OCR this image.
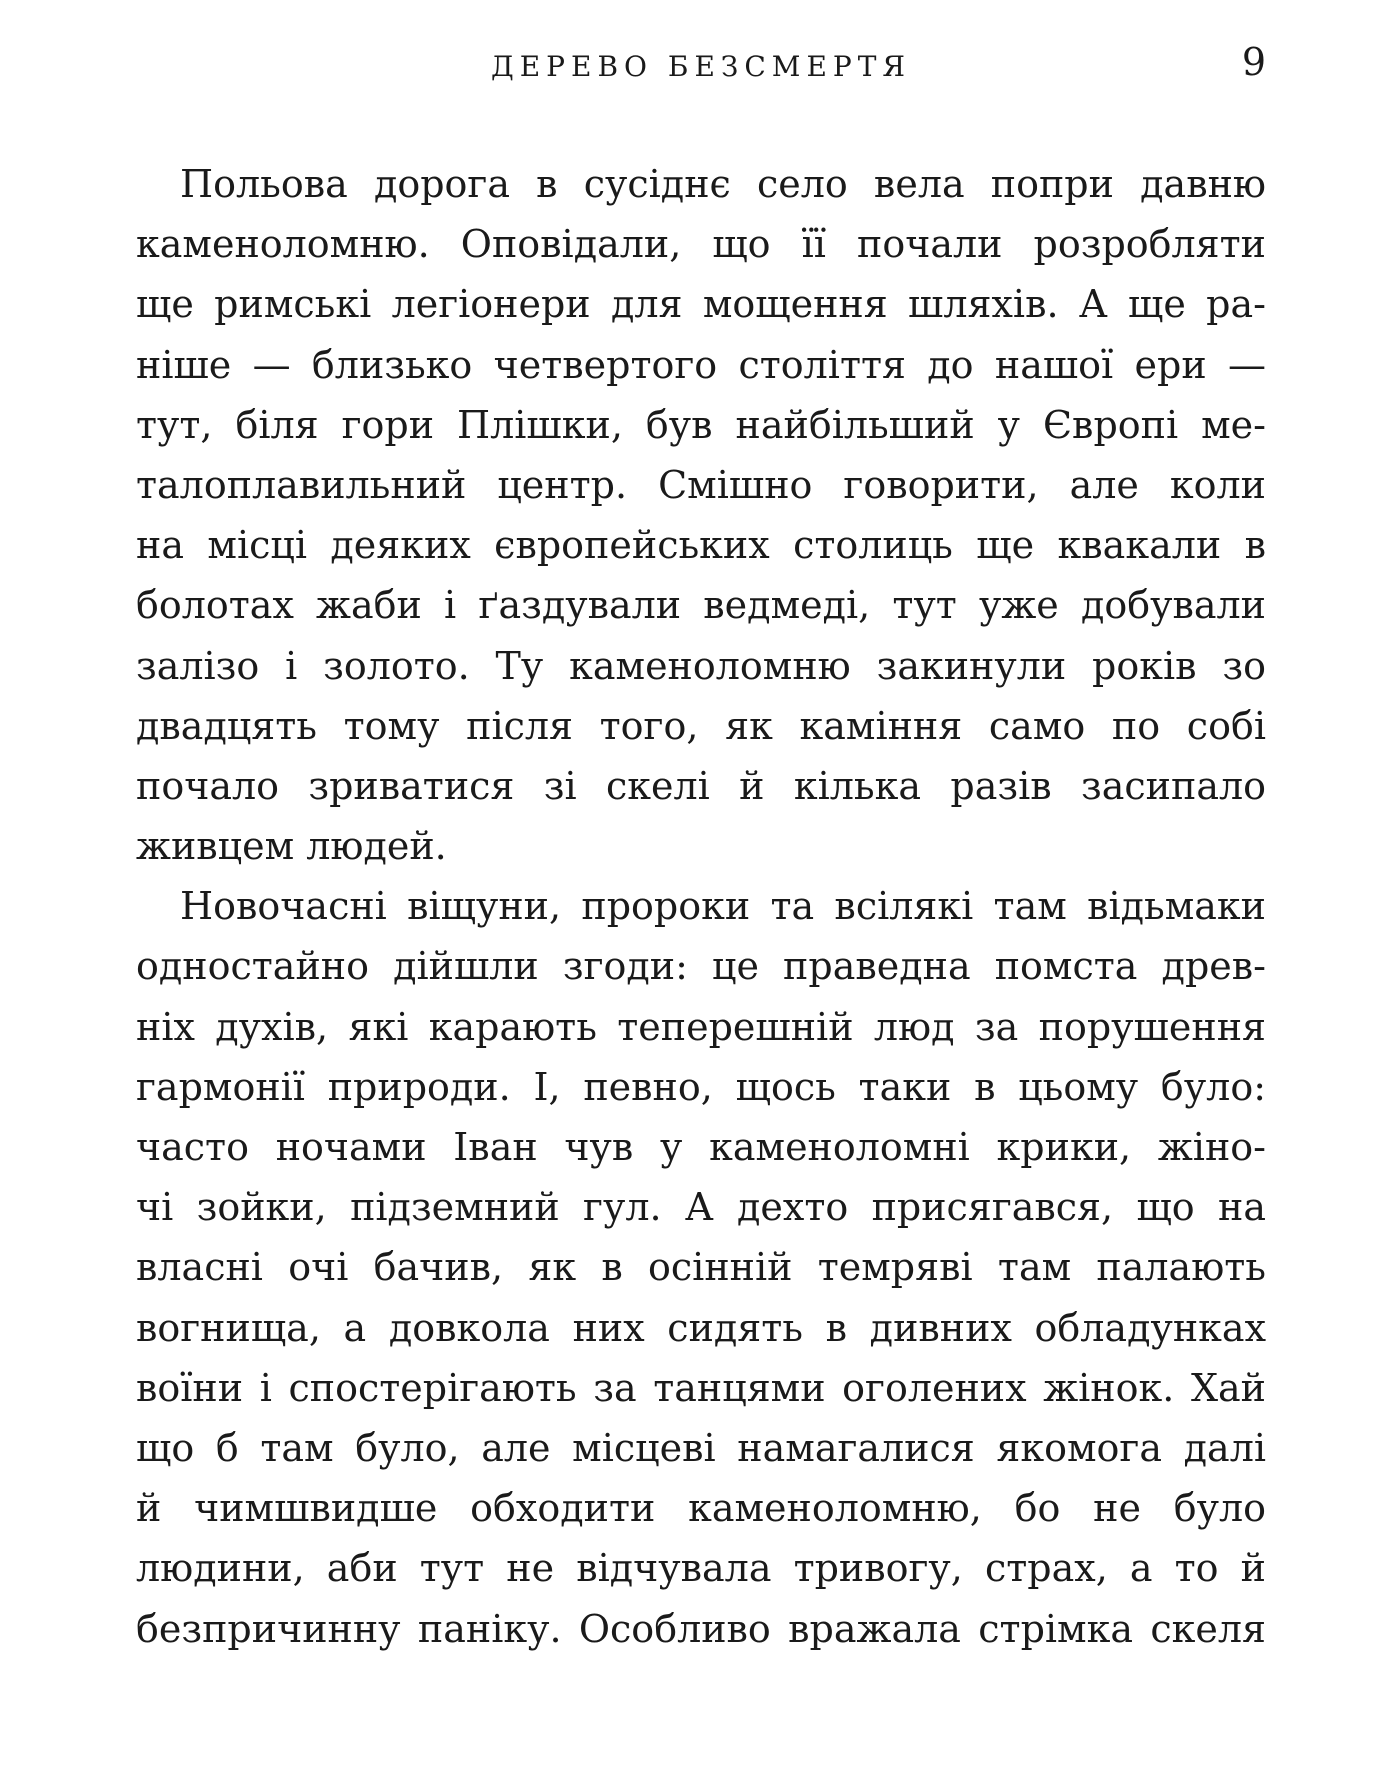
ДЕРЕВО БЕЗСМЕРТЯ	9
Польова дорога в сусіднє село вела попри давню
каменоломню. Оповідали, що її почали розробляти
ще римські легіонери для мощення шляхів. А ще ра-
ніше — близько четвертого століття до нашої ери —
тут, біля гори Плішки, був найбільший у Європі ме-
талоплавильний центр. Смішно говорити, але коли
на місці деяких європейських столиць ще квакали в
болотах жаби і ґаздували ведмеді, тут уже добували
залізо і золото. Ту каменоломню закинули років зо
двадцять тому після того, як каміння само по собі
почало зриватися зі скелі й кілька разів засипало
живцем людей.
Новочасні віщуни, пророки та всілякі там відьмаки
одностайно дійшли згоди: це праведна помста древ-
ніх духів, які карають теперешній люд за порушення
гармонії природи. І, певно, щось таки в цьому було:
часто ночами Іван чув у каменоломні крики, жіно-
чі зойки, підземний гул. А дехто присягався, що на
власні очі бачив, як в осінній темряві там палають
вогнища, а довкола них сидять в дивних обладунках
воїни і спостерігають за танцями оголених жінок. Хай
що б там було, але місцеві намагалися якомога далі
й чимшвидше обходити каменоломню, бо не було
людини, аби тут не відчувала тривогу, страх, а то й
безпричинну паніку. Особливо вражала стрімка скеля
